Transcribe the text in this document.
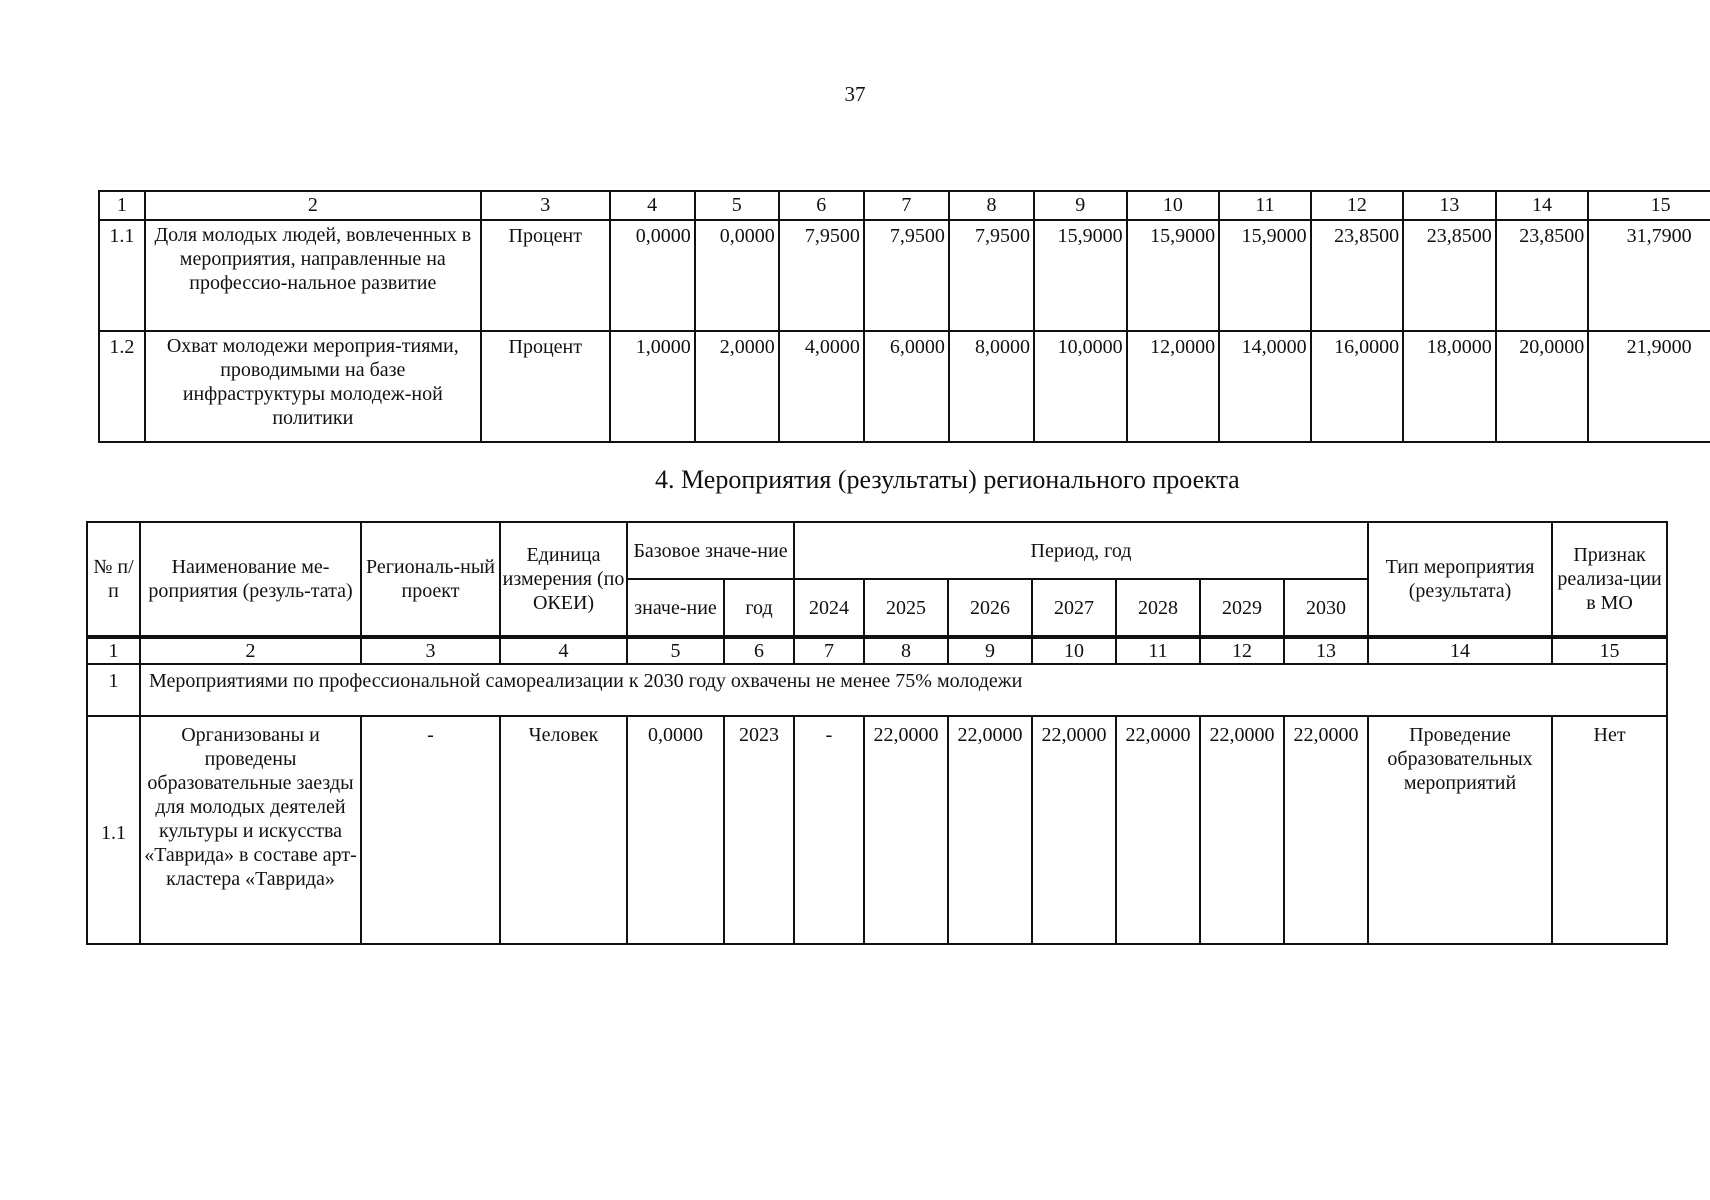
37
1	2	3	4	5	6	7	8	9	10	11	12	13	14	15
1.1	Доля молодых людей, вовлеченных в мероприятия, направленные на профессио-нальное развитие	Процент	0,0000	0,0000	7,9500	7,9500	7,9500	15,9000	15,9000	15,9000	23,8500	23,8500	23,8500	31,7900
1.2	Охват молодежи мероприя-тиями, проводимыми на базе инфраструктуры молодеж-ной политики	Процент	1,0000	2,0000	4,0000	6,0000	8,0000	10,0000	12,0000	14,0000	16,0000	18,0000	20,0000	21,9000
4. Мероприятия (результаты) регионального проекта
№ п/п	Наименование ме-роприятия (резуль-тата)	Региональ-ный проект	Единица измерения (по ОКЕИ)	Базовое значе-ние		Период, год							Тип мероприятия (результата)	Признак реализа-ции в МО
				значе-ние	год	2024	2025	2026	2027	2028	2029	2030		
1	2	3	4	5	6	7	8	9	10	11	12	13	14	15
1	Мероприятиями по профессиональной самореализации к 2030 году охвачены не менее 75% молодежи													
1.1	Организованы и проведены образовательные заезды для молодых деятелей культуры и искусства «Таврида» в составе арт-кластера «Таврида»	-	Человек	0,0000	2023	-	22,0000	22,0000	22,0000	22,0000	22,0000	22,0000	Проведение образовательных мероприятий	Нет
